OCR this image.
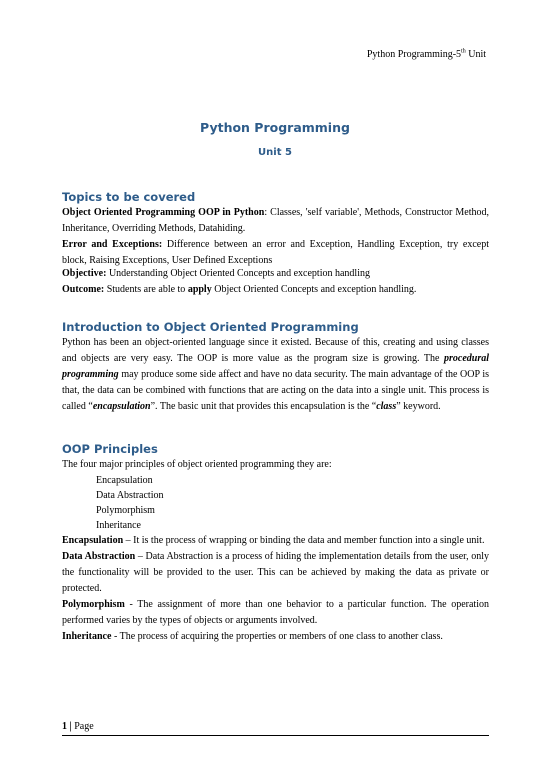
Python Programming-5th Unit
Python Programming
Unit 5
Topics to be covered

Object Oriented Programming OOP in Python: Classes, 'self variable', Methods, Constructor Method, Inheritance, Overriding Methods, Datahiding.

Error and Exceptions: Difference between an error and Exception, Handling Exception, try except block, Raising Exceptions, User Defined Exceptions

Objective: Understanding Object Oriented Concepts and exception handling

Outcome: Students are able to apply Object Oriented Concepts and exception handling.

Introduction to Object Oriented Programming

Python has been an object-oriented language since it existed. Because of this, creating and using classes and objects are very easy. The OOP is more value as the program size is growing. The procedural programming may produce some side affect and have no data security. The main advantage of the OOP is that, the data can be combined with functions that are acting on the data into a single unit. This process is called “encapsulation”. The basic unit that provides this encapsulation is the “class” keyword.

OOP Principles

The four major principles of object oriented programming they are:

Encapsulation
Data Abstraction
Polymorphism
Inheritance

Encapsulation – It is the process of wrapping or binding the data and member function into a single unit.

Data Abstraction – Data Abstraction is a process of hiding the implementation details from the user, only the functionality will be provided to the user. This can be achieved by making the data as private or protected.

Polymorphism - The assignment of more than one behavior to a particular function. The operation performed varies by the types of objects or arguments involved.

Inheritance - The process of acquiring the properties or members of one class to another class.

1 | Page
